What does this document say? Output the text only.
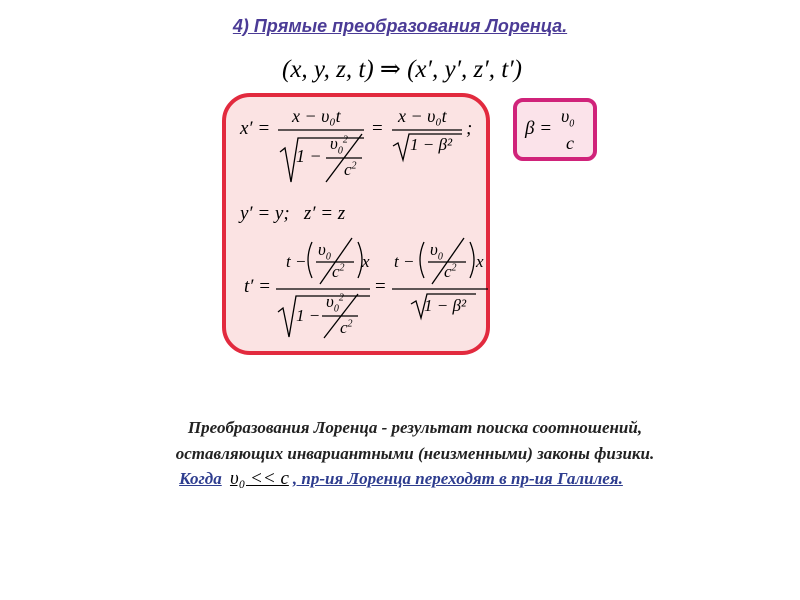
4) Прямые преобразования Лоренца.
(x, y, z, t) ⇒ (x′, y′, z′, t′)
x′ =
x − υ₀t
1 −
$\upsilon_0^2$
$c^2$
=
x − υ₀t
1 − β²
;
y′ = y;   z′ = z
t′ =
t −
$\upsilon_0$
$c^2$ x
1 −
$\upsilon_0^2$
$c^2$
=
t −
$\upsilon_0$
$c^2$ x
1 − β²
β =
$\upsilon_0$
c
Преобразования Лоренца - результат поиска соотношений,
оставляющих инвариантными (неизменными) законы физики.
Когда υ₀ << c , пр-ия Лоренца переходят в пр-ия Галилея.
